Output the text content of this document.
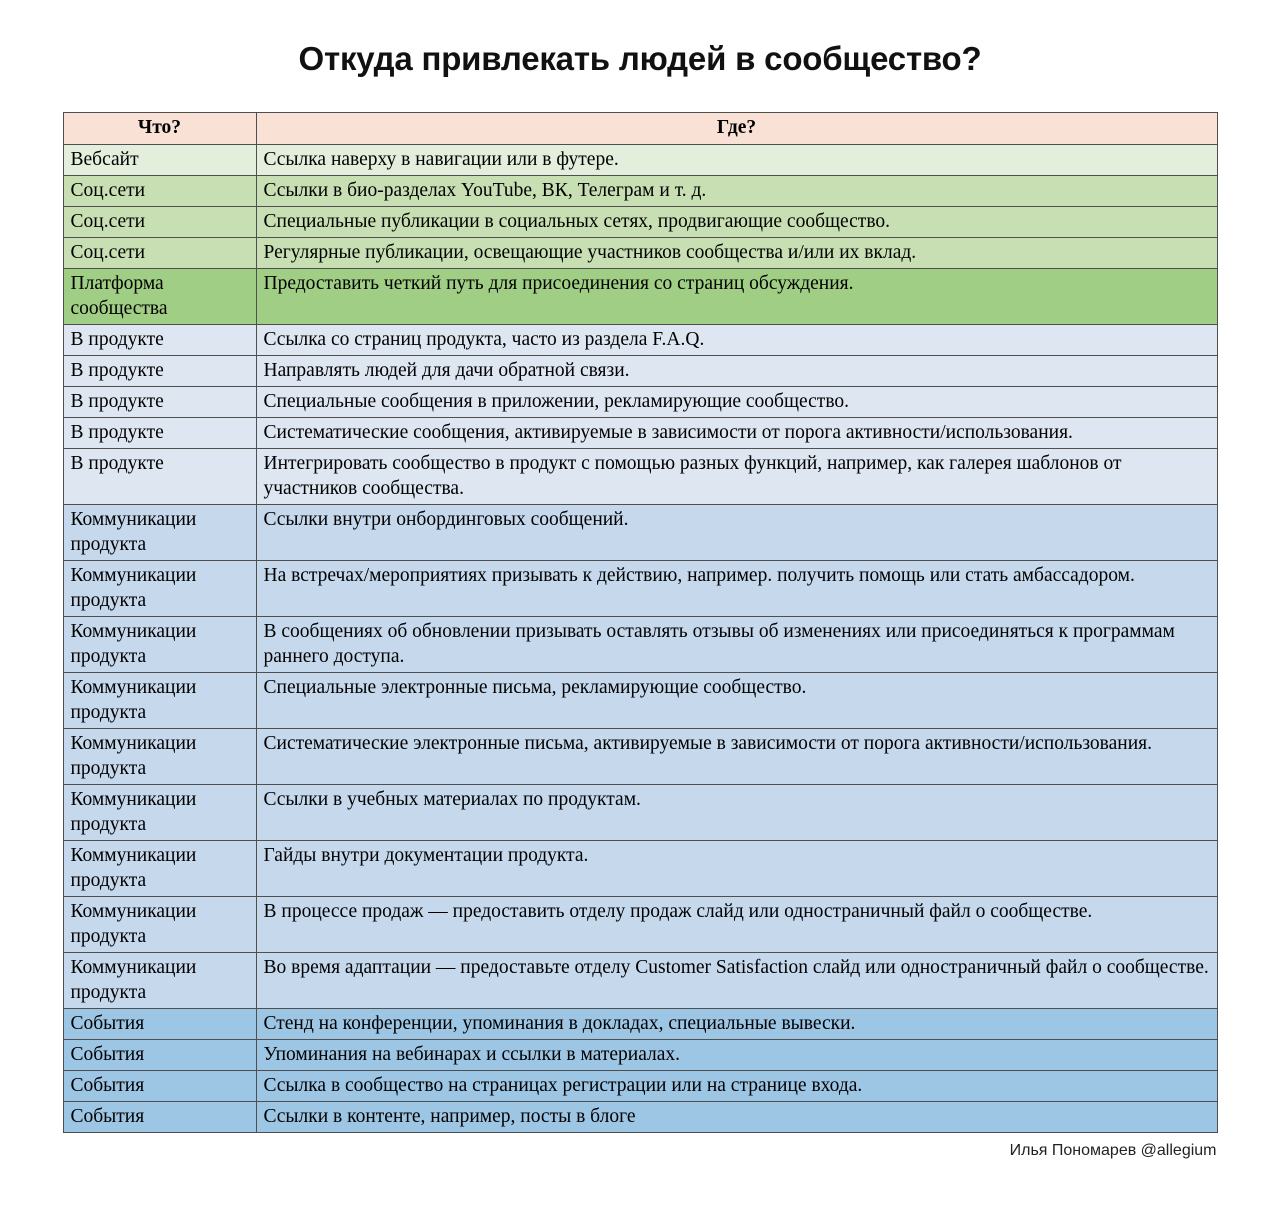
Откуда привлекать людей в сообщество?
Что?	Где?
Вебсайт	Ссылка наверху в навигации или в футере.
Соц.сети	Ссылки в био-разделах YouTube, ВК, Телеграм и т. д.
Соц.сети	Специальные публикации в социальных сетях, продвигающие сообщество.
Соц.сети	Регулярные публикации, освещающие участников сообщества и/или их вклад.
Платформа сообщества	Предоставить четкий путь для присоединения со страниц обсуждения.
В продукте	Ссылка со страниц продукта, часто из раздела F.A.Q.
В продукте	Направлять людей для дачи обратной связи.
В продукте	Специальные сообщения в приложении, рекламирующие сообщество.
В продукте	Систематические сообщения, активируемые в зависимости от порога активности/использования.
В продукте	Интегрировать сообщество в продукт с помощью разных функций, например, как галерея шаблонов от участников сообщества.
Коммуникации продукта	Ссылки внутри онбординговых сообщений.
Коммуникации продукта	На встречах/мероприятиях призывать к действию, например. получить помощь или стать амбассадором.
Коммуникации продукта	В сообщениях об обновлении призывать оставлять отзывы об изменениях или присоединяться к программам раннего доступа.
Коммуникации продукта	Специальные электронные письма, рекламирующие сообщество.
Коммуникации продукта	Систематические электронные письма, активируемые в зависимости от порога активности/использования.
Коммуникации продукта	Ссылки в учебных материалах по продуктам.
Коммуникации продукта	Гайды внутри документации продукта.
Коммуникации продукта	В процессе продаж — предоставить отделу продаж слайд или одностраничный файл о сообществе.
Коммуникации продукта	Во время адаптации — предоставьте отделу Customer Satisfaction слайд или одностраничный файл о сообществе.
События	Стенд на конференции, упоминания в докладах, специальные вывески.
События	Упоминания на вебинарах и ссылки в материалах.
События	Ссылка в сообщество на страницах регистрации или на странице входа.
События	Ссылки в контенте, например, посты в блоге
Илья Пономарев @allegium
